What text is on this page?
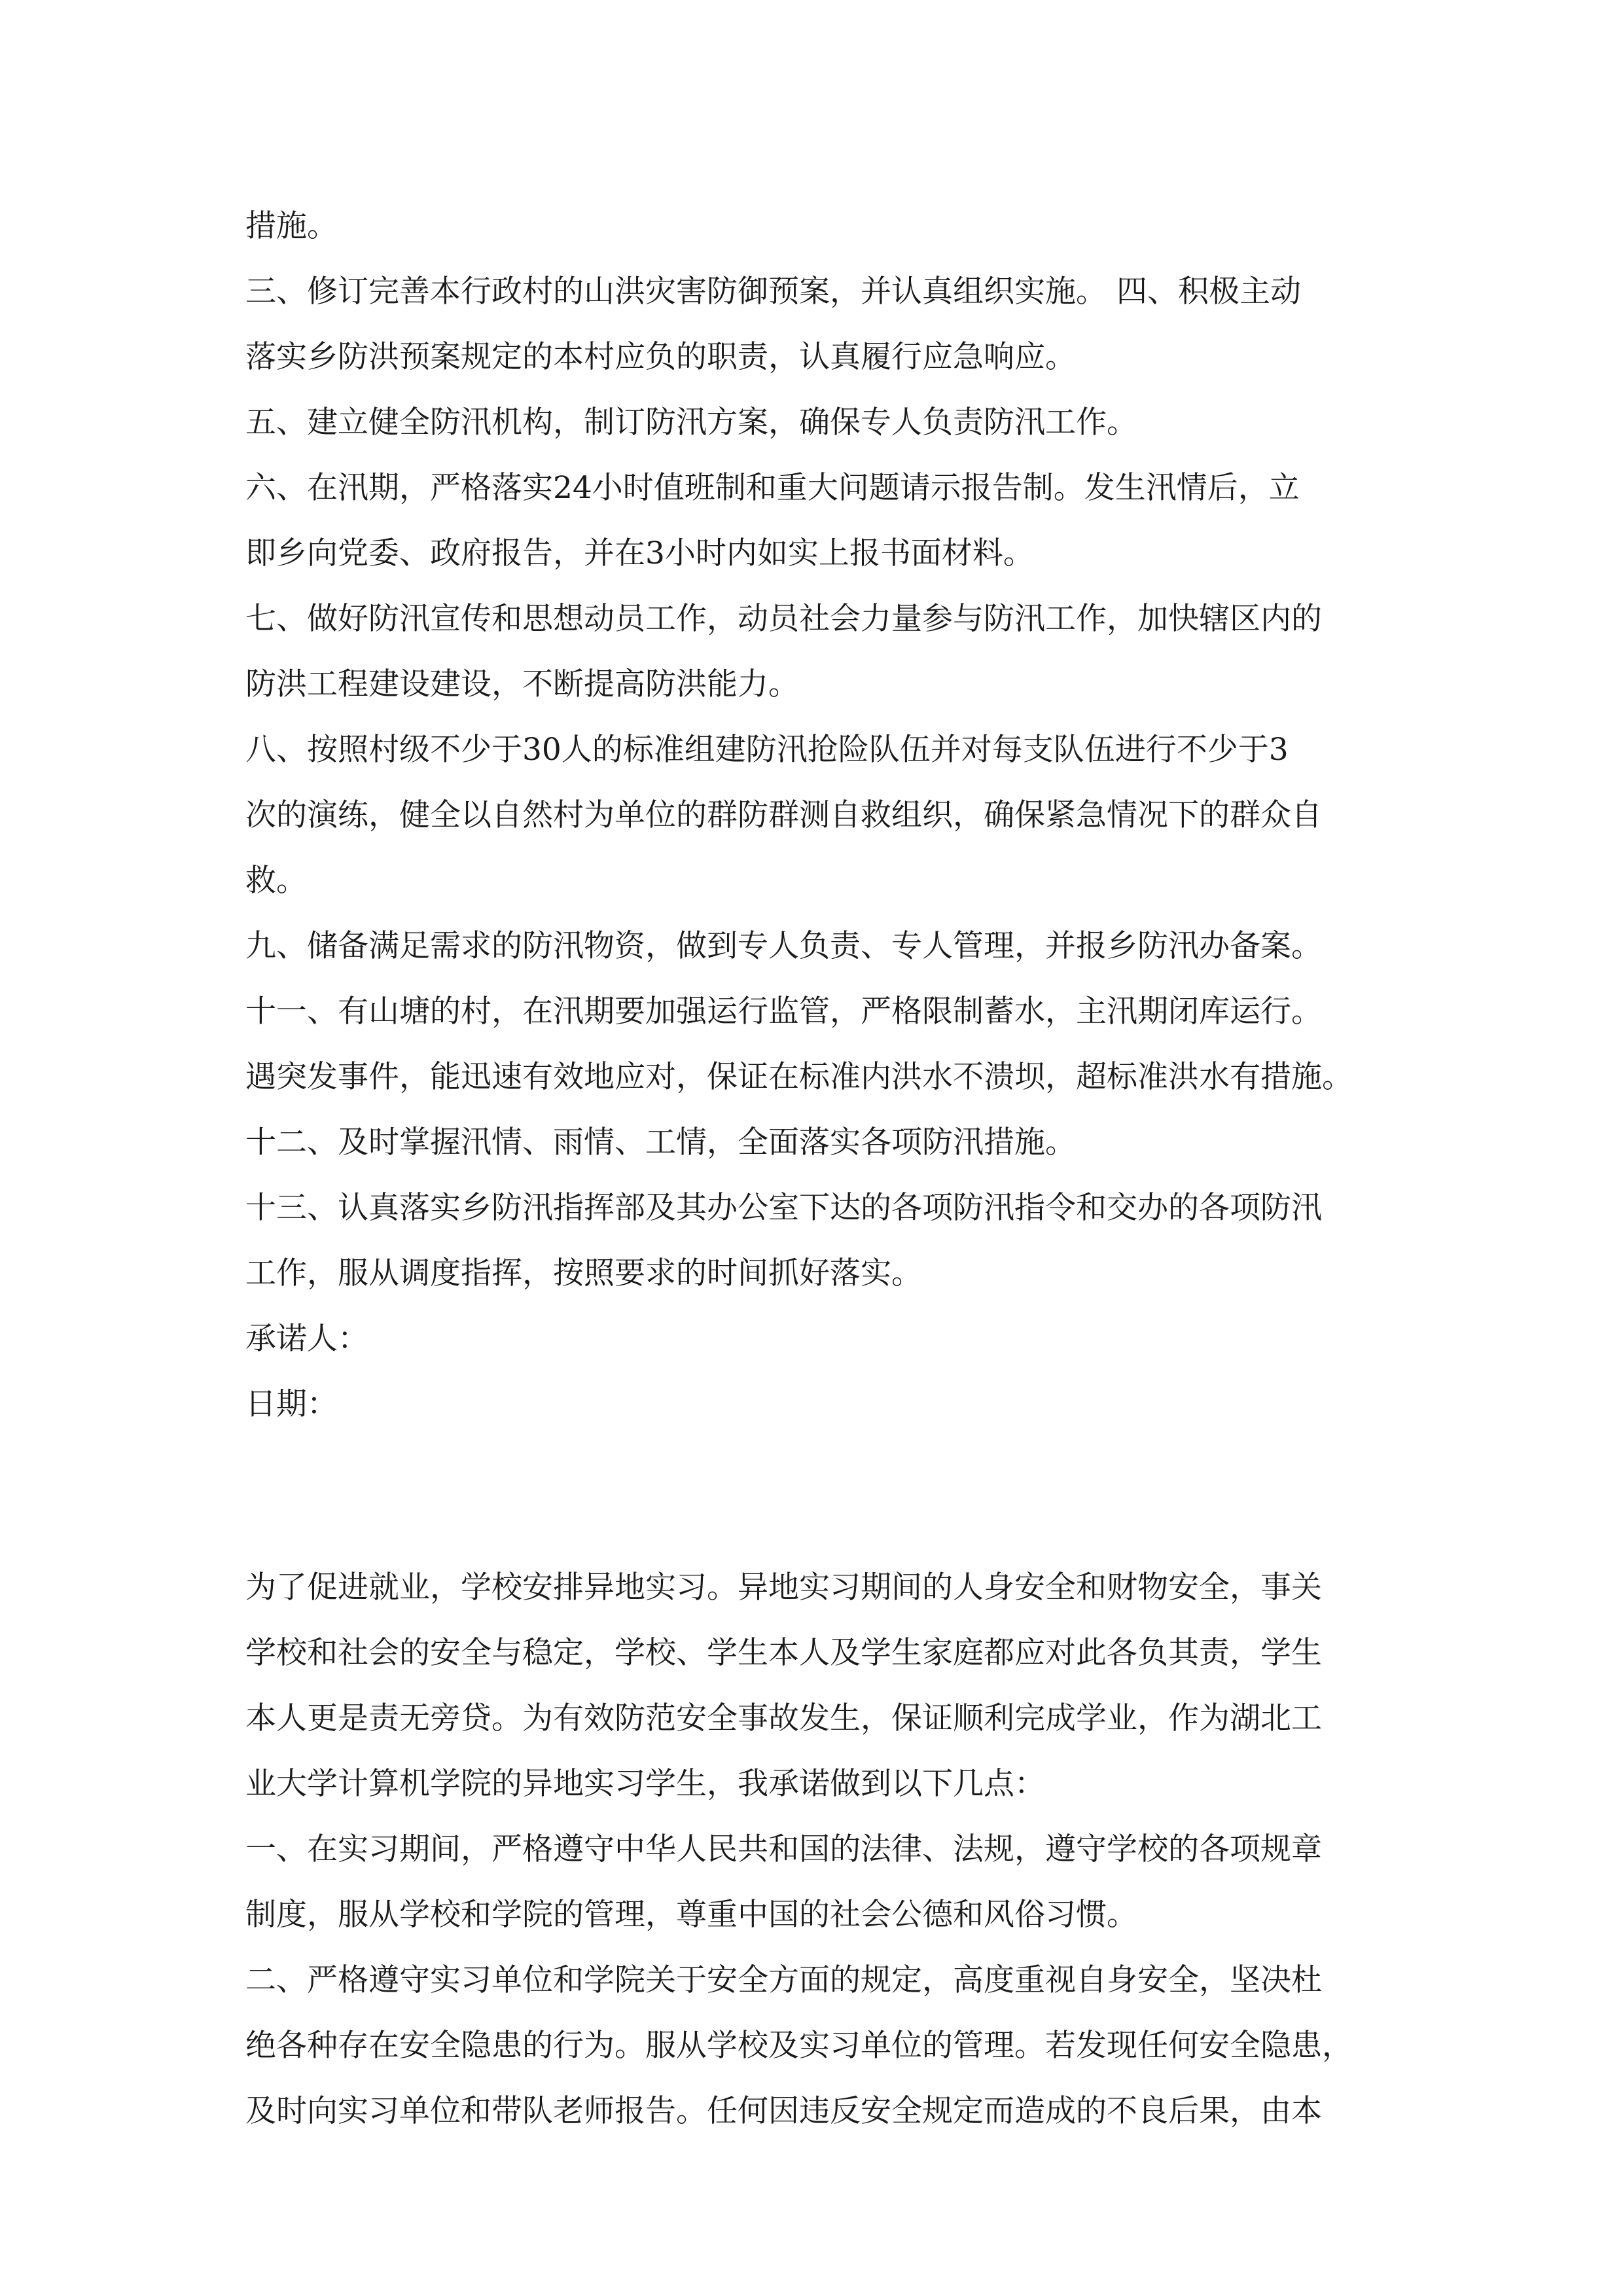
措施。
三、修订完善本行政村的山洪灾害防御预案，并认真组织实施。 四、积极主动
落实乡防洪预案规定的本村应负的职责，认真履行应急响应。
五、建立健全防汛机构，制订防汛方案，确保专人负责防汛工作。
六、在汛期，严格落实24小时值班制和重大问题请示报告制。发生汛情后，立
即乡向党委、政府报告，并在3小时内如实上报书面材料。
七、做好防汛宣传和思想动员工作，动员社会力量参与防汛工作，加快辖区内的
防洪工程建设建设，不断提高防洪能力。
八、按照村级不少于30人的标准组建防汛抢险队伍并对每支队伍进行不少于3
次的演练，健全以自然村为单位的群防群测自救组织，确保紧急情况下的群众自
救。
九、储备满足需求的防汛物资，做到专人负责、专人管理，并报乡防汛办备案。
十一、有山塘的村，在汛期要加强运行监管，严格限制蓄水，主汛期闭库运行。
遇突发事件，能迅速有效地应对，保证在标准内洪水不溃坝，超标准洪水有措施。
十二、及时掌握汛情、雨情、工情，全面落实各项防汛措施。
十三、认真落实乡防汛指挥部及其办公室下达的各项防汛指令和交办的各项防汛
工作，服从调度指挥，按照要求的时间抓好落实。
承诺人：
日期：
为了促进就业，学校安排异地实习。异地实习期间的人身安全和财物安全，事关
学校和社会的安全与稳定，学校、学生本人及学生家庭都应对此各负其责，学生
本人更是责无旁贷。为有效防范安全事故发生，保证顺利完成学业，作为湖北工
业大学计算机学院的异地实习学生，我承诺做到以下几点：
一、在实习期间，严格遵守中华人民共和国的法律、法规，遵守学校的各项规章
制度，服从学校和学院的管理，尊重中国的社会公德和风俗习惯。
二、严格遵守实习单位和学院关于安全方面的规定，高度重视自身安全，坚决杜
绝各种存在安全隐患的行为。服从学校及实习单位的管理。若发现任何安全隐患，
及时向实习单位和带队老师报告。任何因违反安全规定而造成的不良后果，由本
